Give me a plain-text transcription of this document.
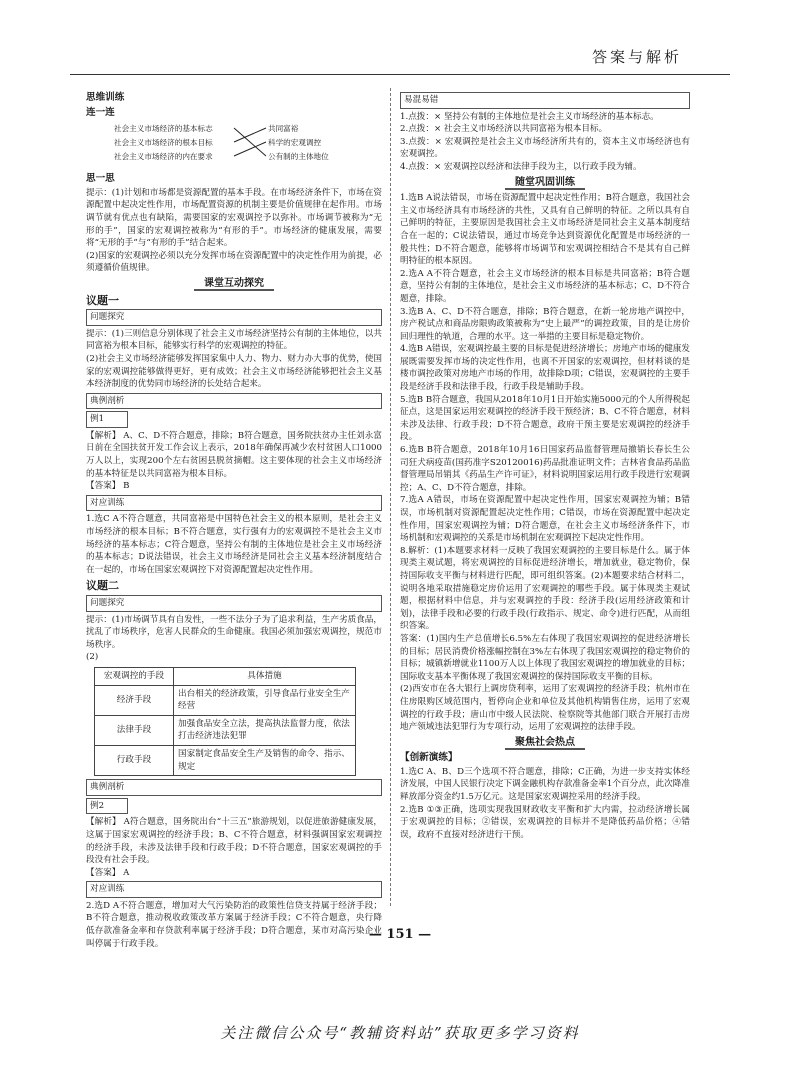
答案与解析
思维训练
连一连
社会主义市场经济的基本标志
社会主义市场经济的根本目标
社会主义市场经济的内在要求
共同富裕
科学的宏观调控
公有制的主体地位
思一思

提示：(1)计划和市场都是资源配置的基本手段。在市场经济条件下，市场在资源配置中起决定性作用，市场配置资源的机制主要是价值规律在起作用。市场调节就有优点也有缺陷，需要国家的宏观调控予以弥补。市场调节被称为“无形的手”，国家的宏观调控被称为“有形的手”。市场经济的健康发展，需要将“无形的手”与“有形的手”结合起来。

(2)国家的宏观调控必须以充分发挥市场在资源配置中的决定性作用为前提，必须遵循价值规律。

课堂互动探究
议题一
问题探究

提示：(1)三则信息分别体现了社会主义市场经济坚持公有制的主体地位，以共同富裕为根本目标，能够实行科学的宏观调控的特征。

(2)社会主义市场经济能够发挥国家集中人力、物力、财力办大事的优势，使国家的宏观调控能够做得更好，更有成效；社会主义市场经济能够把社会主义基本经济制度的优势同市场经济的长处结合起来。

典例剖析
例1

【解析】 A、C、D不符合题意，排除；B符合题意，国务院扶贫办主任刘永富日前在全国扶贫开发工作会议上表示，2018年确保再减少农村贫困人口1000万人以上，实现200个左右贫困县脱贫摘帽。这主要体现的社会主义市场经济的基本特征是以共同富裕为根本目标。

【答案】 B

对应训练

1.选C A不符合题意，共同富裕是中国特色社会主义的根本原则，是社会主义市场经济的根本目标；B不符合题意，实行强有力的宏观调控不是社会主义市场经济的基本标志；C符合题意，坚持公有制的主体地位是社会主义市场经济的基本标志；D说法错误，社会主义市场经济是同社会主义基本经济制度结合在一起的，市场在国家宏观调控下对资源配置起决定性作用。

议题二
问题探究

提示：(1)市场调节具有自发性，一些不法分子为了追求利益，生产劣质食品，扰乱了市场秩序，危害人民群众的生命健康。我国必须加强宏观调控，规范市场秩序。

(2)

宏观调控的手段	具体措施
经济手段	出台相关的经济政策，引导食品行业安全生产经营
法律手段	加强食品安全立法，提高执法监督力度，依法打击经济违法犯罪
行政手段	国家制定食品安全生产及销售的命令、指示、规定
典例剖析
例2

【解析】 A符合题意，国务院出台“十三五”旅游规划，以促进旅游健康发展，这属于国家宏观调控的经济手段；B、C不符合题意，材料强调国家宏观调控的经济手段，未涉及法律手段和行政手段；D不符合题意，国家宏观调控的手段没有社会手段。

【答案】 A

对应训练

2.选D A不符合题意，增加对大气污染防治的政策性信贷支持属于经济手段；B不符合题意，推动税收政策改革方案属于经济手段；C不符合题意，央行降低存款准备金率和存贷款利率属于经济手段；D符合题意，某市对高污染企业叫停属于行政手段。

易混易错

1.点拨：× 坚持公有制的主体地位是社会主义市场经济的基本标志。

2.点拨：× 社会主义市场经济以共同富裕为根本目标。

3.点拨：× 宏观调控是社会主义市场经济所共有的，资本主义市场经济也有宏观调控。

4.点拨：× 宏观调控以经济和法律手段为主，以行政手段为辅。

随堂巩固训练

1.选B A说法错误，市场在资源配置中起决定性作用；B符合题意，我国社会主义市场经济具有市场经济的共性，又具有自己鲜明的特征。之所以具有自己鲜明的特征，主要原因是我国社会主义市场经济是同社会主义基本制度结合在一起的；C说法错误，通过市场竞争达到资源优化配置是市场经济的一般共性；D不符合题意，能够将市场调节和宏观调控相结合不是其有自己鲜明特征的根本原因。

2.选A A不符合题意，社会主义市场经济的根本目标是共同富裕；B符合题意，坚持公有制的主体地位，是社会主义市场经济的基本标志；C、D不符合题意，排除。

3.选B A、C、D不符合题意，排除；B符合题意，在新一轮房地产调控中，房产税试点和商品房限购政策被称为“史上最严”的调控政策，目的是让房价回归理性的轨道，合理的水平。这一举措的主要目标是稳定物价。

4.选B A错误，宏观调控最主要的目标是促进经济增长；房地产市场的健康发展既需要发挥市场的决定性作用，也离不开国家的宏观调控，但材料谈的是楼市调控政策对房地产市场的作用，故排除D项；C错误，宏观调控的主要手段是经济手段和法律手段，行政手段是辅助手段。

5.选B B符合题意，我国从2018年10月1日开始实施5000元的个人所得税起征点，这是国家运用宏观调控的经济手段干预经济；B、C不符合题意，材料未涉及法律、行政手段；D不符合题意，政府干预主要是宏观调控的经济手段。

6.选B B符合题意，2018年10月16日国家药品监督管理局撤销长春长生公司狂犬病疫苗(国药准字S20120016)药品批准证明文件；吉林省食品药品监督管理局吊销其《药品生产许可证》，材料说明国家运用行政手段进行宏观调控；A、C、D不符合题意，排除。

7.选A A错误，市场在资源配置中起决定性作用，国家宏观调控为辅；B错误，市场机制对资源配置起决定性作用；C错误，市场在资源配置中起决定性作用，国家宏观调控为辅；D符合题意，在社会主义市场经济条件下，市场机制和宏观调控的关系是市场机制在宏观调控下起决定性作用。

8.解析：(1)本题要求材料一反映了我国宏观调控的主要目标是什么。属于体现类主观试题，将宏观调控的目标促进经济增长，增加就业，稳定物价，保持国际收支平衡与材料进行匹配，即可组织答案。(2)本题要求结合材料二，说明各地采取措施稳定房价运用了宏观调控的哪些手段。属于体现类主观试题，根据材料中信息，并与宏观调控的手段：经济手段(运用经济政策和计划)，法律手段和必要的行政手段(行政指示、规定、命令)进行匹配，从而组织答案。

答案：(1)国内生产总值增长6.5%左右体现了我国宏观调控的促进经济增长的目标；居民消费价格涨幅控制在3%左右体现了我国宏观调控的稳定物价的目标；城镇新增就业1100万人以上体现了我国宏观调控的增加就业的目标；国际收支基本平衡体现了我国宏观调控的保持国际收支平衡的目标。

(2)西安市在各大银行上调房贷利率，运用了宏观调控的经济手段；杭州市在住房限购区域范围内，暂停向企业和单位及其他机构销售住房，运用了宏观调控的行政手段；唐山市中级人民法院、检察院等其他部门联合开展打击房地产领域违法犯罪行为专项行动，运用了宏观调控的法律手段。

聚焦社会热点
【创新演练】

1.选C A、B、D三个选项不符合题意，排除；C正确，为进一步支持实体经济发展，中国人民银行决定下调金融机构存款准备金率1个百分点，此次降准释放部分资金约1.5万亿元。这是国家宏观调控采用的经济手段。

2.选B ①③正确，选项实现我国财政收支平衡和扩大内需，拉动经济增长属于宏观调控的目标；②错误，宏观调控的目标并不是降低药品价格；④错误，政府不直接对经济进行干预。

— 151 —
关注微信公众号“教辅资料站”获取更多学习资料
